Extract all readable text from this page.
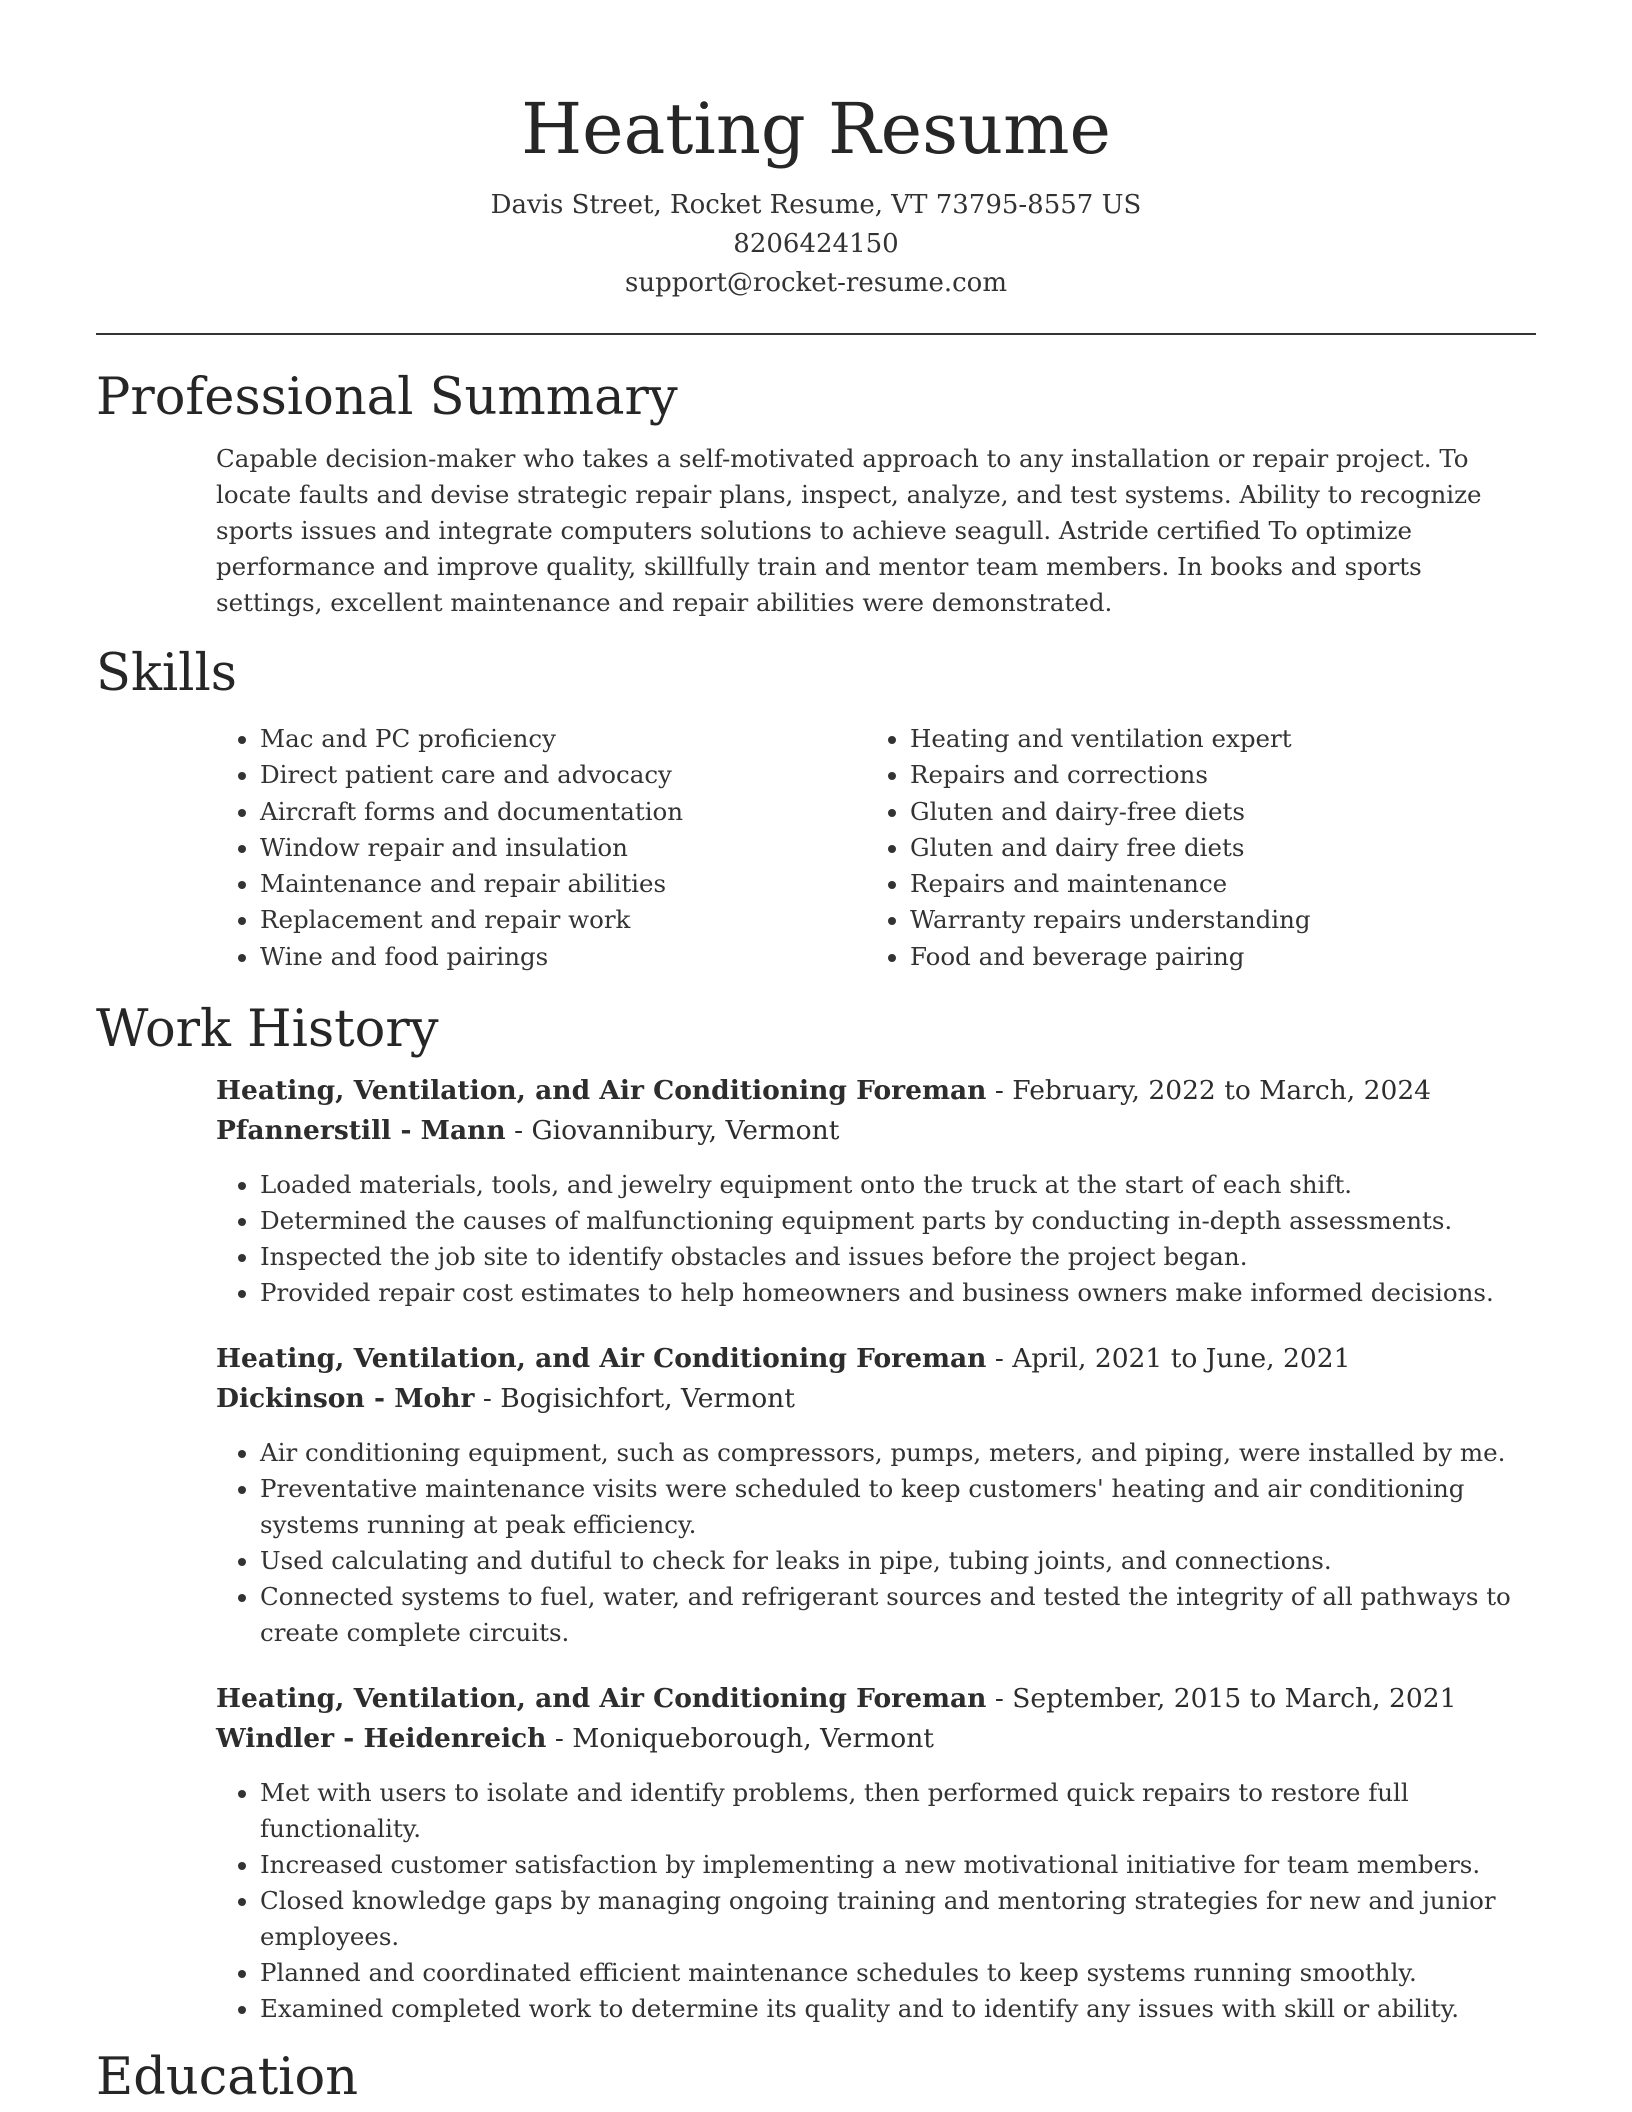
Heating Resume
Davis Street, Rocket Resume, VT 73795-8557 US
8206424150
support@rocket-resume.com
Professional Summary
Capable decision-maker who takes a self-motivated approach to any installation or repair project. To locate faults and devise strategic repair plans, inspect, analyze, and test systems. Ability to recognize sports issues and integrate computers solutions to achieve seagull. Astride certified To optimize performance and improve quality, skillfully train and mentor team members. In books and sports settings, excellent maintenance and repair abilities were demonstrated.
Skills
• Mac and PC proficiency
• Direct patient care and advocacy
• Aircraft forms and documentation
• Window repair and insulation
• Maintenance and repair abilities
• Replacement and repair work
• Wine and food pairings
• Heating and ventilation expert
• Repairs and corrections
• Gluten and dairy-free diets
• Gluten and dairy free diets
• Repairs and maintenance
• Warranty repairs understanding
• Food and beverage pairing
Work History
Heating, Ventilation, and Air Conditioning Foreman - February, 2022 to March, 2024
Pfannerstill - Mann - Giovannibury, Vermont
• Loaded materials, tools, and jewelry equipment onto the truck at the start of each shift.
• Determined the causes of malfunctioning equipment parts by conducting in-depth assessments.
• Inspected the job site to identify obstacles and issues before the project began.
• Provided repair cost estimates to help homeowners and business owners make informed decisions.
Heating, Ventilation, and Air Conditioning Foreman - April, 2021 to June, 2021
Dickinson - Mohr - Bogisichfort, Vermont
• Air conditioning equipment, such as compressors, pumps, meters, and piping, were installed by me.
• Preventative maintenance visits were scheduled to keep customers' heating and air conditioning systems running at peak efficiency.
• Used calculating and dutiful to check for leaks in pipe, tubing joints, and connections.
• Connected systems to fuel, water, and refrigerant sources and tested the integrity of all pathways to create complete circuits.
Heating, Ventilation, and Air Conditioning Foreman - September, 2015 to March, 2021
Windler - Heidenreich - Moniqueborough, Vermont
• Met with users to isolate and identify problems, then performed quick repairs to restore full functionality.
• Increased customer satisfaction by implementing a new motivational initiative for team members.
• Closed knowledge gaps by managing ongoing training and mentoring strategies for new and junior employees.
• Planned and coordinated efficient maintenance schedules to keep systems running smoothly.
• Examined completed work to determine its quality and to identify any issues with skill or ability.
Education
